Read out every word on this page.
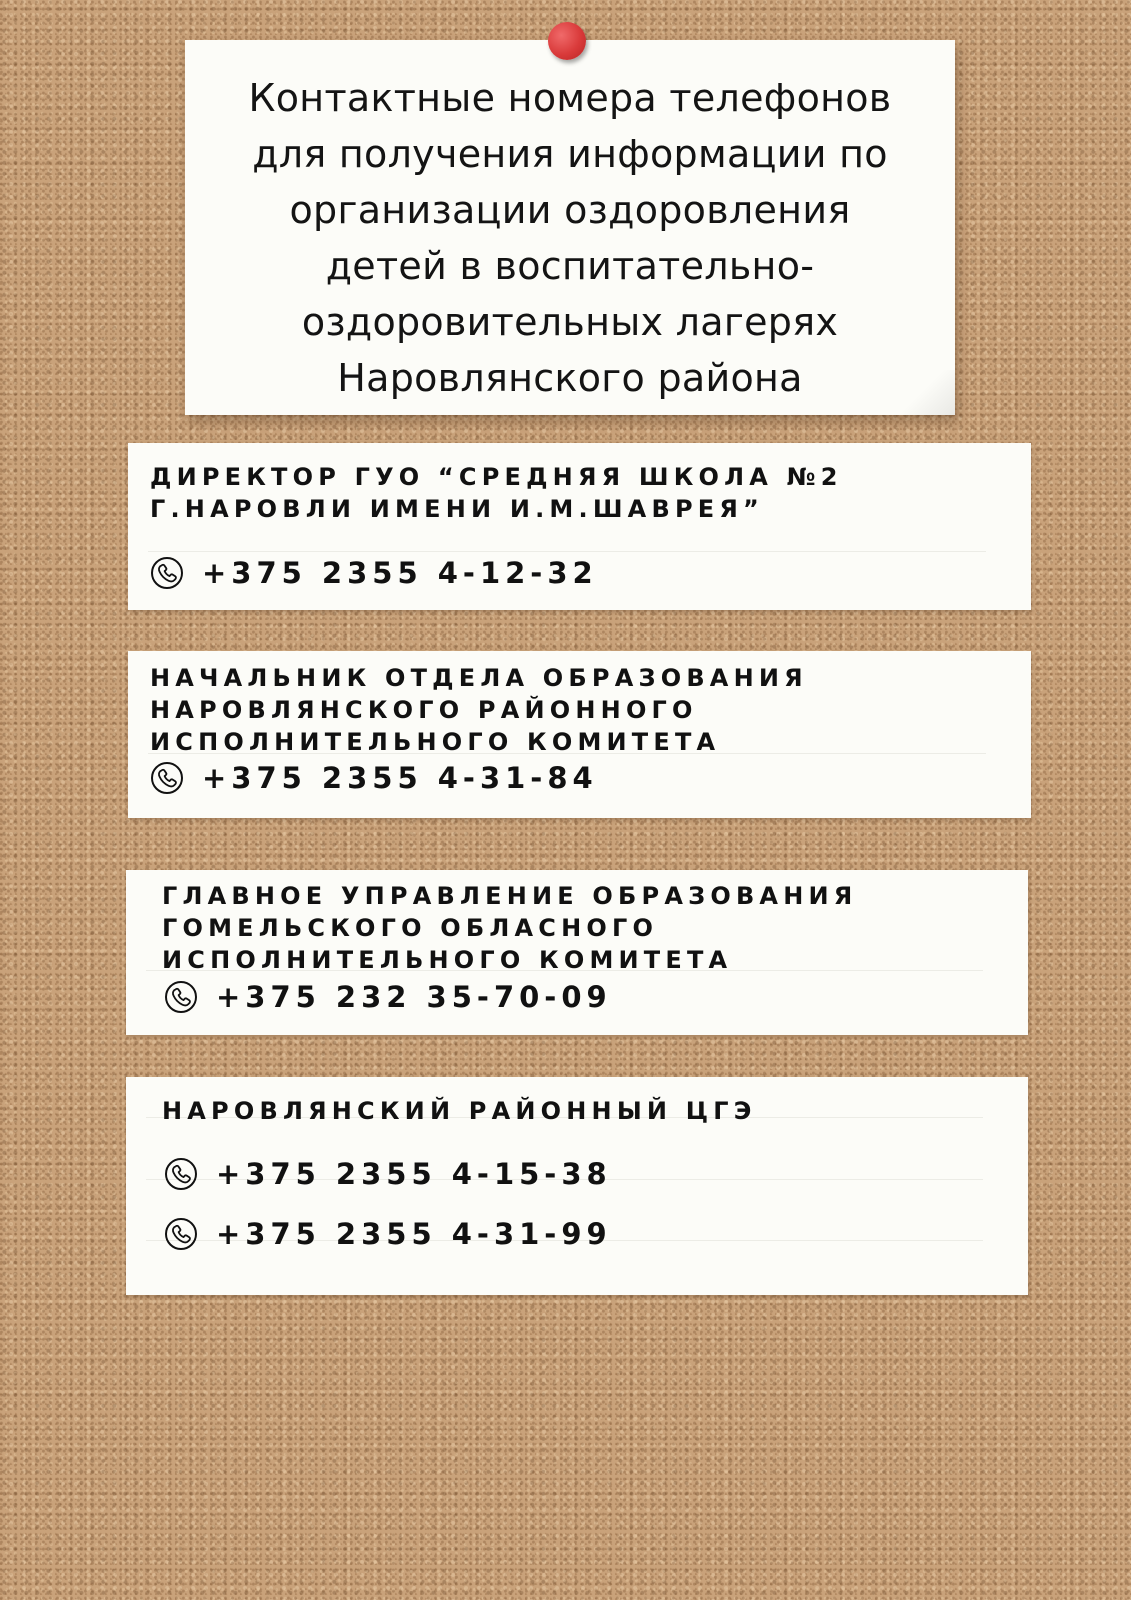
Контактные номера телефонов
для получения информации по
организации оздоровления
детей в воспитательно-
оздоровительных лагерях
Наровлянского района
ДИРЕКТОР ГУО “СРЕДНЯЯ ШКОЛА №2 Г.НАРОВЛИ ИМЕНИ И.М.ШАВРЕЯ”
+375 2355 4-12-32
НАЧАЛЬНИК ОТДЕЛА ОБРАЗОВАНИЯ НАРОВЛЯНСКОГО РАЙОННОГО ИСПОЛНИТЕЛЬНОГО КОМИТЕТА
+375 2355 4-31-84
ГЛАВНОЕ УПРАВЛЕНИЕ ОБРАЗОВАНИЯ ГОМЕЛЬСКОГО ОБЛАСНОГО ИСПОЛНИТЕЛЬНОГО КОМИТЕТА
+375 232 35-70-09
НАРОВЛЯНСКИЙ РАЙОННЫЙ ЦГЭ
+375 2355 4-15-38
+375 2355 4-31-99
